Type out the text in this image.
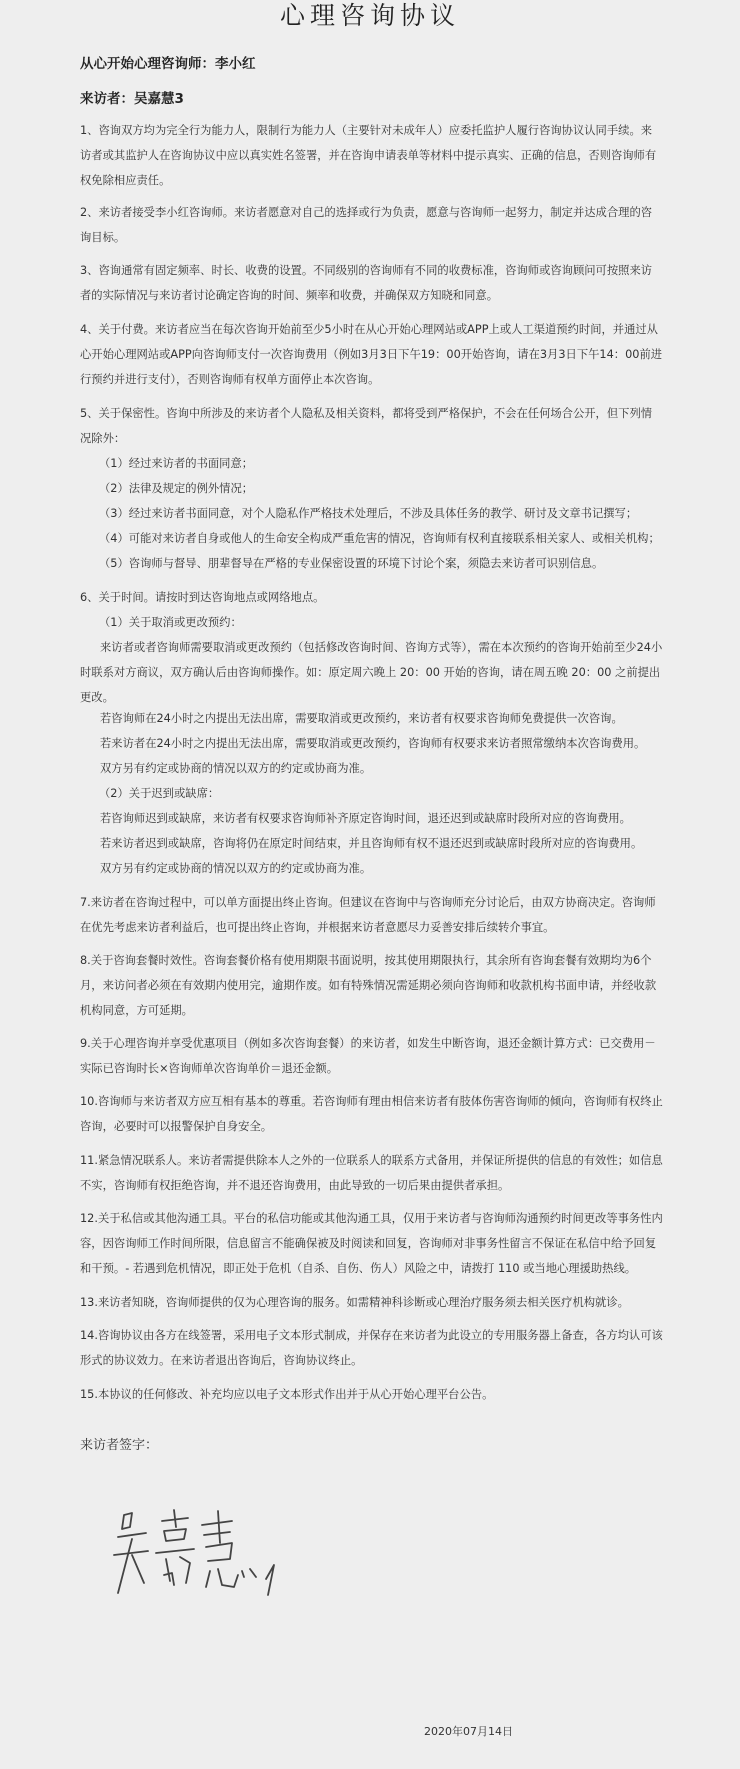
心理咨询协议
从心开始心理咨询师：李小红
来访者：吴嘉慧3

1、咨询双方均为完全行为能力人，限制行为能力人（主要针对未成年人）应委托监护人履行咨询协议认同手续。来访者或其监护人在咨询协议中应以真实姓名签署，并在咨询申请表单等材料中提示真实、正确的信息，否则咨询师有权免除相应责任。

2、来访者接受李小红咨询师。来访者愿意对自己的选择或行为负责，愿意与咨询师一起努力，制定并达成合理的咨询目标。

3、咨询通常有固定频率、时长、收费的设置。不同级别的咨询师有不同的收费标准，咨询师或咨询顾问可按照来访者的实际情况与来访者讨论确定咨询的时间、频率和收费，并确保双方知晓和同意。

4、关于付费。来访者应当在每次咨询开始前至少5小时在从心开始心理网站或APP上或人工渠道预约时间，并通过从心开始心理网站或APP向咨询师支付一次咨询费用（例如3月3日下午19：00开始咨询，请在3月3日下午14：00前进行预约并进行支付），否则咨询师有权单方面停止本次咨询。

5、关于保密性。咨询中所涉及的来访者个人隐私及相关资料，都将受到严格保护，不会在任何场合公开，但下列情况除外：

（1）经过来访者的书面同意；

（2）法律及规定的例外情况；

（3）经过来访者书面同意，对个人隐私作严格技术处理后，不涉及具体任务的教学、研讨及文章书记撰写；

（4）可能对来访者自身或他人的生命安全构成严重危害的情况，咨询师有权利直接联系相关家人、或相关机构；

（5）咨询师与督导、朋辈督导在严格的专业保密设置的环境下讨论个案，须隐去来访者可识别信息。

6、关于时间。请按时到达咨询地点或网络地点。

（1）关于取消或更改预约：

来访者或者咨询师需要取消或更改预约（包括修改咨询时间、咨询方式等），需在本次预约的咨询开始前至少24小时联系对方商议，双方确认后由咨询师操作。如：原定周六晚上 20：00 开始的咨询，请在周五晚 20：00 之前提出更改。

若咨询师在24小时之内提出无法出席，需要取消或更改预约，来访者有权要求咨询师免费提供一次咨询。

若来访者在24小时之内提出无法出席，需要取消或更改预约，咨询师有权要求来访者照常缴纳本次咨询费用。

双方另有约定或协商的情况以双方的约定或协商为准。

（2）关于迟到或缺席：

若咨询师迟到或缺席，来访者有权要求咨询师补齐原定咨询时间，退还迟到或缺席时段所对应的咨询费用。

若来访者迟到或缺席，咨询将仍在原定时间结束，并且咨询师有权不退还迟到或缺席时段所对应的咨询费用。

双方另有约定或协商的情况以双方的约定或协商为准。

7.来访者在咨询过程中，可以单方面提出终止咨询。但建议在咨询中与咨询师充分讨论后，由双方协商决定。咨询师在优先考虑来访者利益后，也可提出终止咨询，并根据来访者意愿尽力妥善安排后续转介事宜。

8.关于咨询套餐时效性。咨询套餐价格有使用期限书面说明，按其使用期限执行，其余所有咨询套餐有效期均为6个月，来访问者必须在有效期内使用完，逾期作废。如有特殊情况需延期必须向咨询师和收款机构书面申请，并经收款机构同意，方可延期。

9.关于心理咨询并享受优惠项目（例如多次咨询套餐）的来访者，如发生中断咨询，退还金额计算方式：已交费用－实际已咨询时长×咨询师单次咨询单价＝退还金额。

10.咨询师与来访者双方应互相有基本的尊重。若咨询师有理由相信来访者有肢体伤害咨询师的倾向，咨询师有权终止咨询，必要时可以报警保护自身安全。

11.紧急情况联系人。来访者需提供除本人之外的一位联系人的联系方式备用，并保证所提供的信息的有效性；如信息不实，咨询师有权拒绝咨询，并不退还咨询费用，由此导致的一切后果由提供者承担。

12.关于私信或其他沟通工具。平台的私信功能或其他沟通工具，仅用于来访者与咨询师沟通预约时间更改等事务性内容，因咨询师工作时间所限，信息留言不能确保被及时阅读和回复，咨询师对非事务性留言不保证在私信中给予回复和干预。- 若遇到危机情况，即正处于危机（自杀、自伤、伤人）风险之中，请拨打 110 或当地心理援助热线。

13.来访者知晓，咨询师提供的仅为心理咨询的服务。如需精神科诊断或心理治疗服务须去相关医疗机构就诊。

14.咨询协议由各方在线签署，采用电子文本形式制成，并保存在来访者为此设立的专用服务器上备查，各方均认可该形式的协议效力。在来访者退出咨询后，咨询协议终止。

15.本协议的任何修改、补充均应以电子文本形式作出并于从心开始心理平台公告。

来访者签字：
2020年07月14日
